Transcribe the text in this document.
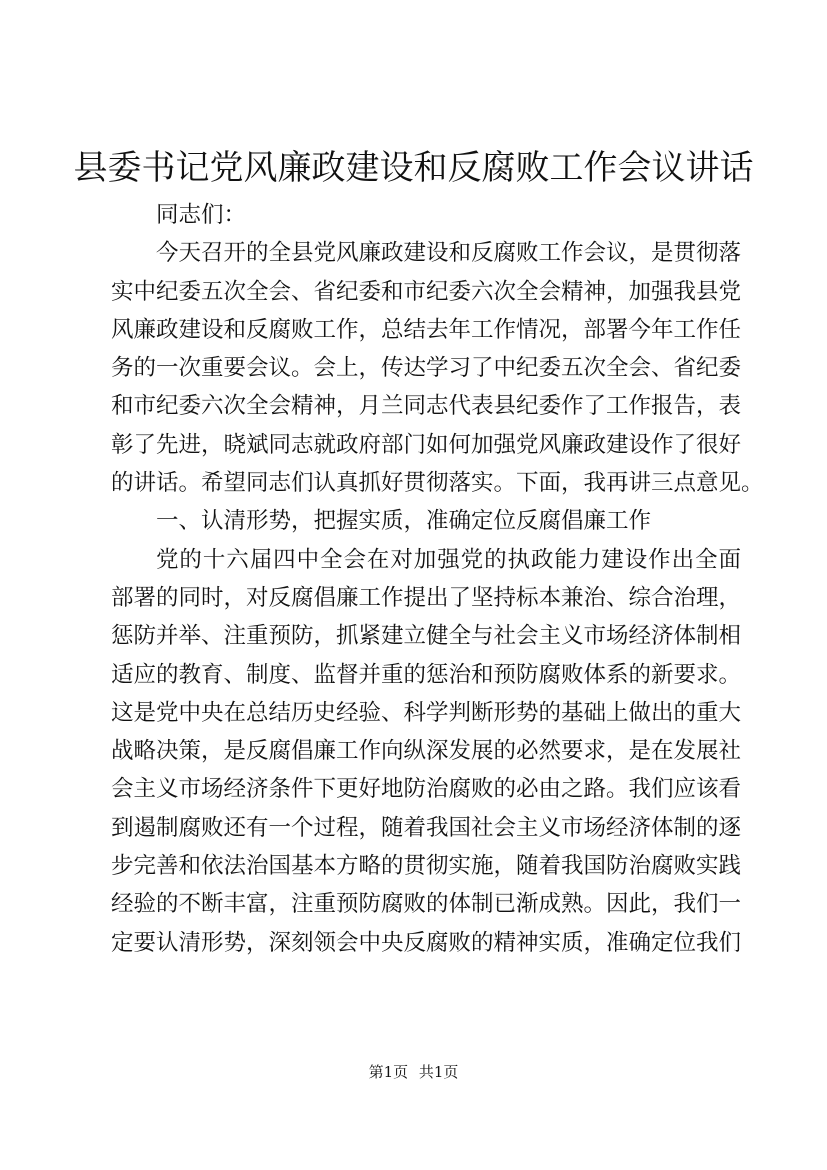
县委书记党风廉政建设和反腐败工作会议讲话
同志们：
今天召开的全县党风廉政建设和反腐败工作会议，是贯彻落
实中纪委五次全会、省纪委和市纪委六次全会精神，加强我县党
风廉政建设和反腐败工作，总结去年工作情况，部署今年工作任
务的一次重要会议。会上，传达学习了中纪委五次全会、省纪委
和市纪委六次全会精神，月兰同志代表县纪委作了工作报告，表
彰了先进，晓斌同志就政府部门如何加强党风廉政建设作了很好
的讲话。希望同志们认真抓好贯彻落实。下面，我再讲三点意见。
一、认清形势，把握实质，准确定位反腐倡廉工作
党的十六届四中全会在对加强党的执政能力建设作出全面
部署的同时，对反腐倡廉工作提出了坚持标本兼治、综合治理，
惩防并举、注重预防，抓紧建立健全与社会主义市场经济体制相
适应的教育、制度、监督并重的惩治和预防腐败体系的新要求。
这是党中央在总结历史经验、科学判断形势的基础上做出的重大
战略决策，是反腐倡廉工作向纵深发展的必然要求，是在发展社
会主义市场经济条件下更好地防治腐败的必由之路。我们应该看
到遏制腐败还有一个过程，随着我国社会主义市场经济体制的逐
步完善和依法治国基本方略的贯彻实施，随着我国防治腐败实践
经验的不断丰富，注重预防腐败的体制已渐成熟。因此，我们一
定要认清形势，深刻领会中央反腐败的精神实质，准确定位我们
第1页 共1页
